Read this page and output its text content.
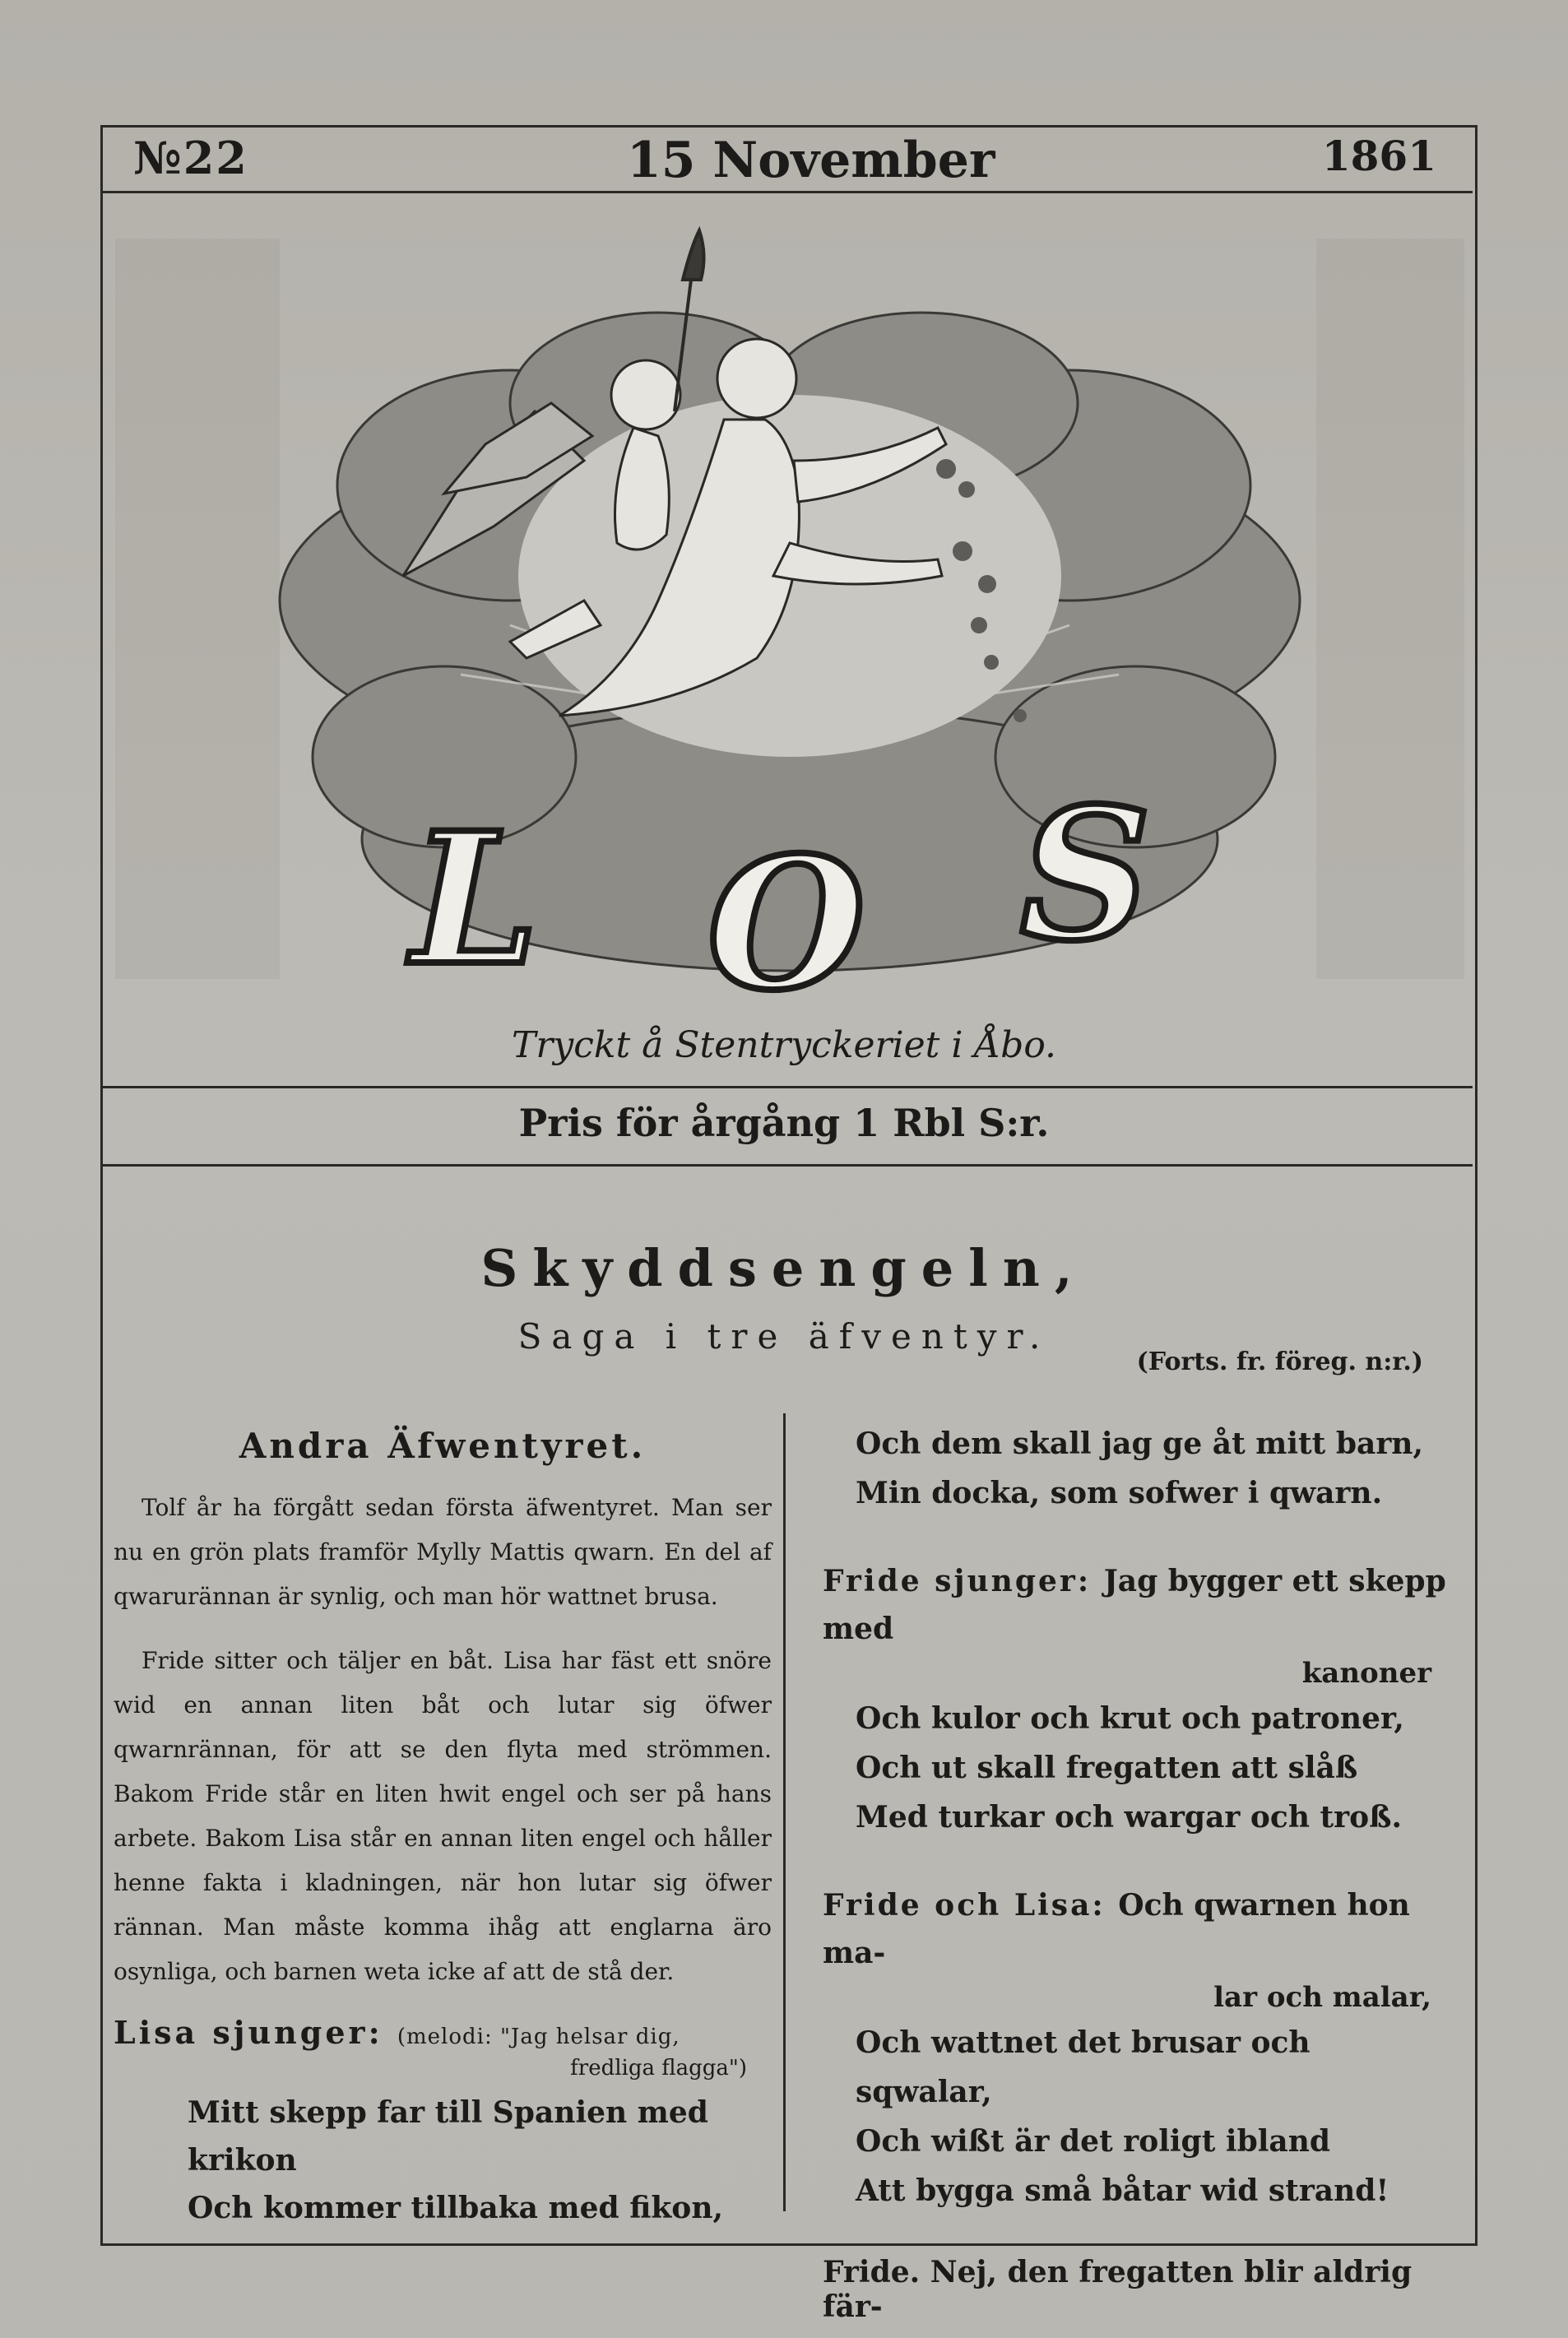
№22	15 November	1861
L O S
Tryckt å Stentryckeriet i Åbo.
Pris för årgång 1 Rbl S:r.
Skyddsengeln,
Saga i tre äfventyr.
(Forts. fr. föreg. n:r.)
Andra Äfwentyret.

Tolf år ha förgått sedan första äfwentyret. Man ser nu en grön plats framför Mylly Mattis qwarn. En del af qwarurännan är synlig, och man hör wattnet brusa.

Fride sitter och täljer en båt. Lisa har fäst ett snöre wid en annan liten båt och lutar sig öfwer qwarnrännan, för att se den flyta med strömmen. Bakom Fride står en liten hwit engel och ser på hans arbete. Bakom Lisa står en annan liten engel och håller henne fakta i kladningen, när hon lutar sig öfwer rännan. Man måste komma ihåg att englarna äro osynliga, och barnen weta icke af att de stå der.

Lisa sjunger: (melodi: "Jag helsar dig,
fredliga flagga")
Mitt skepp far till Spanien med krikon
Och kommer tillbaka med fikon,
Och dem skall jag ge åt mitt barn,
Min docka, som sofwer i qwarn.
Fride sjunger: Jag bygger ett skepp med
kanoner
Och kulor och krut och patroner,
Och ut skall fregatten att slåß
Med turkar och wargar och troß.
Fride och Lisa: Och qwarnen hon ma-
lar och malar,
Och wattnet det brusar och sqwalar,
Och wißt är det roligt ibland
Att bygga små båtar wid strand!
Fride. Nej, den fregatten blir aldrig fär-
